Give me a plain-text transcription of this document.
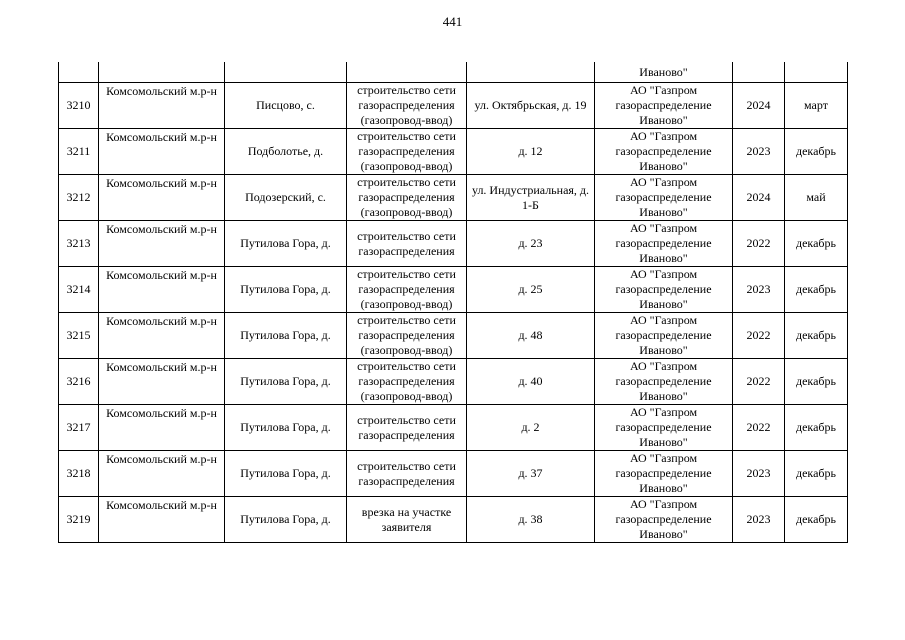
441
					Иваново"		
3210	Комсомольский м.р-н	Писцово, с.	строительство сети газораспределения (газопровод-ввод)	ул. Октябрьская, д. 19	АО "Газпром газораспределение Иваново"	2024	март
3211	Комсомольский м.р-н	Подболотье, д.	строительство сети газораспределения (газопровод-ввод)	д. 12	АО "Газпром газораспределение Иваново"	2023	декабрь
3212	Комсомольский м.р-н	Подозерский, с.	строительство сети газораспределения (газопровод-ввод)	ул. Индустриальная, д. 1-Б	АО "Газпром газораспределение Иваново"	2024	май
3213	Комсомольский м.р-н	Путилова Гора, д.	строительство сети газораспределения	д. 23	АО "Газпром газораспределение Иваново"	2022	декабрь
3214	Комсомольский м.р-н	Путилова Гора, д.	строительство сети газораспределения (газопровод-ввод)	д. 25	АО "Газпром газораспределение Иваново"	2023	декабрь
3215	Комсомольский м.р-н	Путилова Гора, д.	строительство сети газораспределения (газопровод-ввод)	д. 48	АО "Газпром газораспределение Иваново"	2022	декабрь
3216	Комсомольский м.р-н	Путилова Гора, д.	строительство сети газораспределения (газопровод-ввод)	д. 40	АО "Газпром газораспределение Иваново"	2022	декабрь
3217	Комсомольский м.р-н	Путилова Гора, д.	строительство сети газораспределения	д. 2	АО "Газпром газораспределение Иваново"	2022	декабрь
3218	Комсомольский м.р-н	Путилова Гора, д.	строительство сети газораспределения	д. 37	АО "Газпром газораспределение Иваново"	2023	декабрь
3219	Комсомольский м.р-н	Путилова Гора, д.	врезка на участке заявителя	д. 38	АО "Газпром газораспределение Иваново"	2023	декабрь
